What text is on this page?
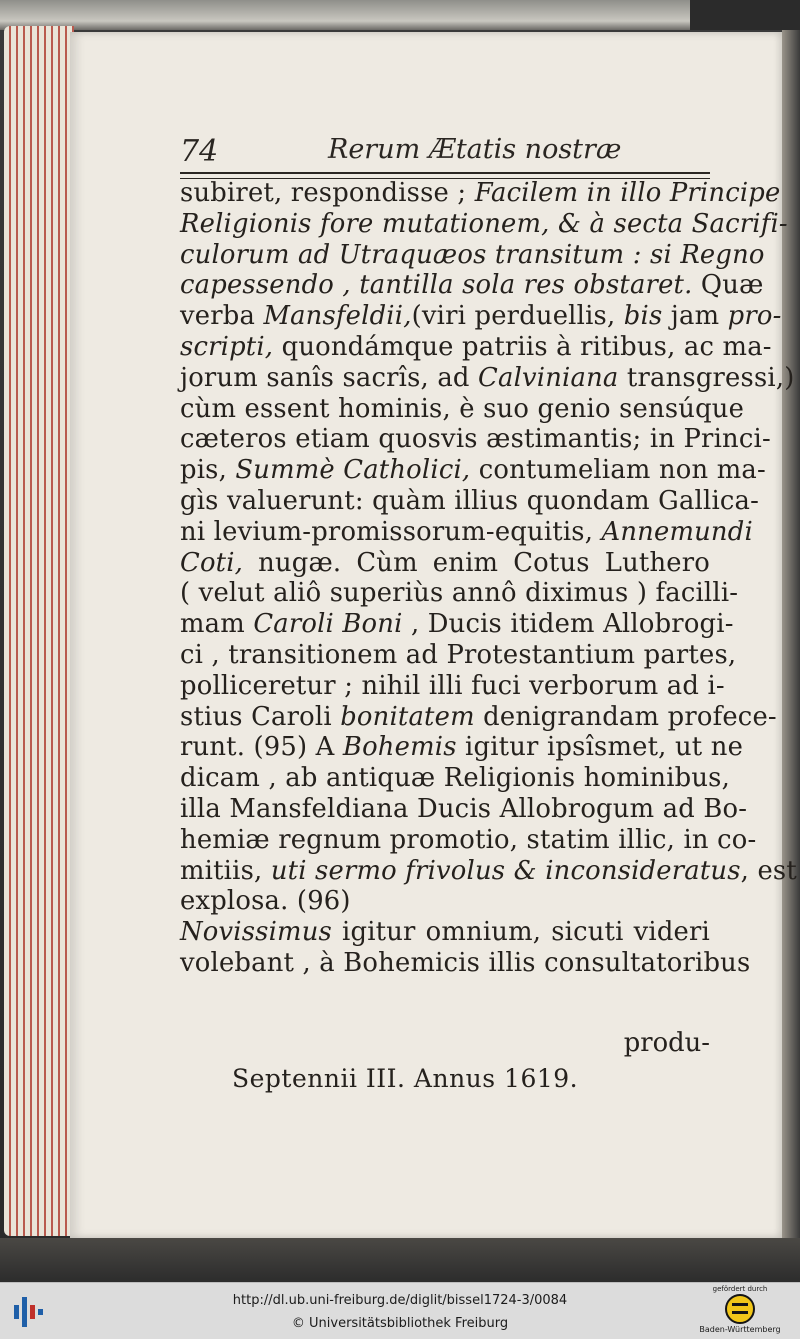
74	Rerum Ætatis nostræ
subiret, respondisse ; Facilem in illo Principe
Religionis fore mutationem, & à secta Sacrifi-
culorum ad Utraquæos transitum : si Regno
capessendo , tantilla sola res obstaret. Quæ
verba Mansfeldii,(viri perduellis, bis jam pro-
scripti, quondámque patriis à ritibus, ac ma-
jorum sanîs sacrîs, ad Calviniana transgressi,)
cùm essent hominis, è suo genio sensúque
cæteros etiam quosvis æstimantis; in Princi-
pis, Summè Catholici, contumeliam non ma-
gìs valuerunt: quàm illius quondam Gallica-
ni levium-promissorum-equitis, Annemundi
Coti, nugæ. Cùm enim Cotus Luthero
( velut aliô superiùs annô diximus ) facilli-
mam Caroli Boni , Ducis itidem Allobrogi-
ci , transitionem ad Protestantium partes,
polliceretur ; nihil illi fuci verborum ad i-
stius Caroli bonitatem denigrandam profece-
runt. (95) A Bohemis igitur ipsîsmet, ut ne
dicam , ab antiquæ Religionis hominibus,
illa Mansfeldiana Ducis Allobrogum ad Bo-
hemiæ regnum promotio, statim illic, in co-
mitiis, uti sermo frivolus & inconsideratus, est
explosa. (96)
Novissimus igitur omnium, sicuti videri
volebant , à Bohemicis illis consultatoribus
produ-
Septennii III. Annus 1619.
http://dl.ub.uni-freiburg.de/diglit/bissel1724-3/0084
© Universitätsbibliothek Freiburg
gefördert durch
Baden-Württemberg
